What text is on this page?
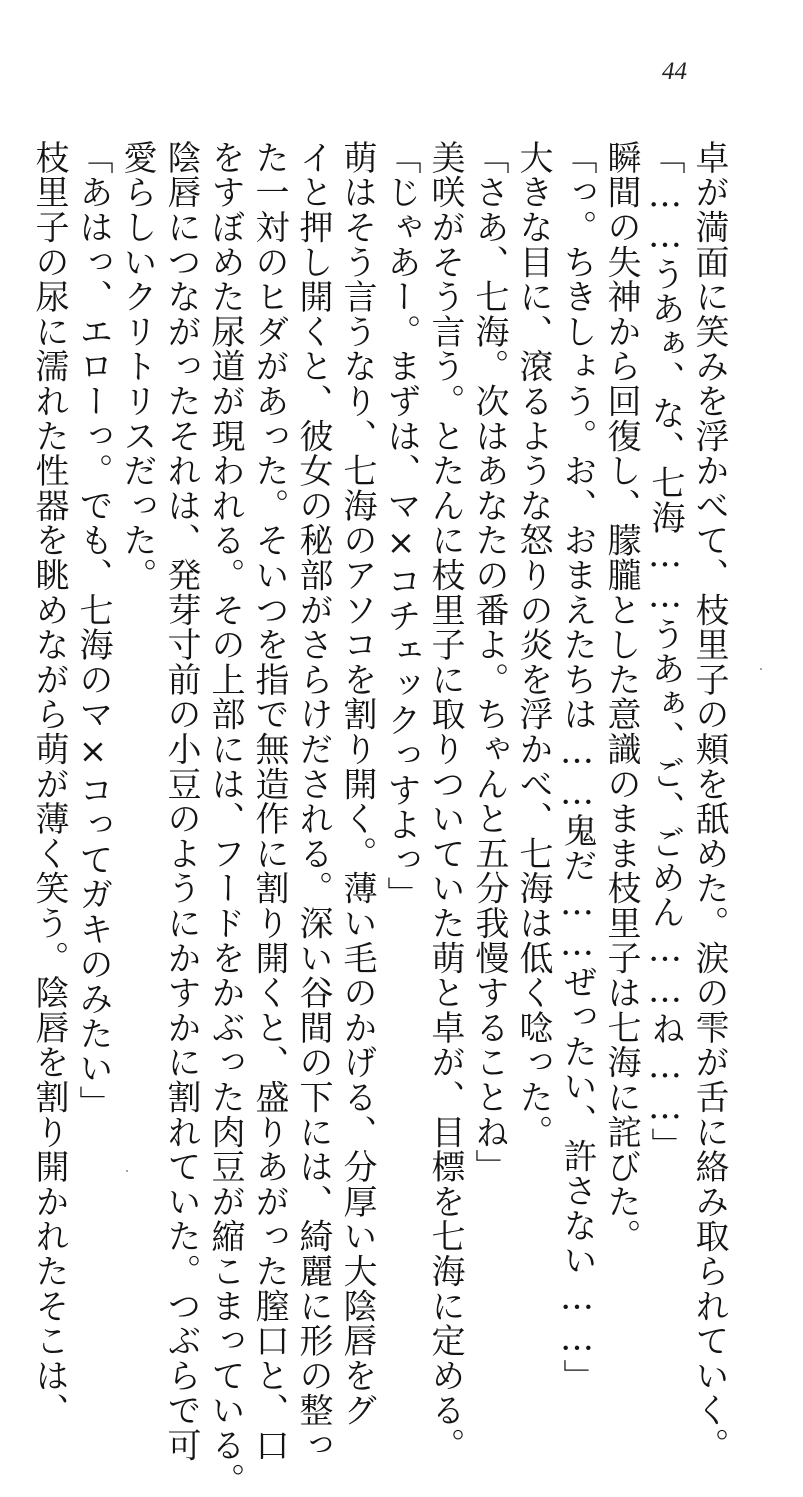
44
卓が満面に笑みを浮かべて、枝里子の頬を舐めた。涙の雫が舌に絡み取られていく。
「……うあぁ、な、七海……うあぁ、ご、ごめん……ね……」
瞬間の失神から回復し、朦朧とした意識のまま枝里子は七海に詫びた。
「っ。ちきしょう。お、おまえたちは……鬼だ……ぜったい、許さない……」
大きな目に、滾るような怒りの炎を浮かべ、七海は低く唸った。
「さあ、七海。次はあなたの番よ。ちゃんと五分我慢することね」
美咲がそう言う。とたんに枝里子に取りついていた萌と卓が、目標を七海に定める。
「じゃあー。まずは、マ×コチェックっすよっ」
萌はそう言うなり、七海のアソコを割り開く。薄い毛のかげる、分厚い大陰唇をグ
イと押し開くと、彼女の秘部がさらけだされる。深い谷間の下には、綺麗に形の整っ
た一対のヒダがあった。そいつを指で無造作に割り開くと、盛りあがった膣口と、口
をすぼめた尿道が現われる。その上部には、フードをかぶった肉豆が縮こまっている。
陰唇につながったそれは、発芽寸前の小豆のようにかすかに割れていた。つぶらで可
愛らしいクリトリスだった。
「あはっ、エローっ。でも、七海のマ×コってガキのみたい」
枝里子の尿に濡れた性器を眺めながら萌が薄く笑う。陰唇を割り開かれたそこは、
